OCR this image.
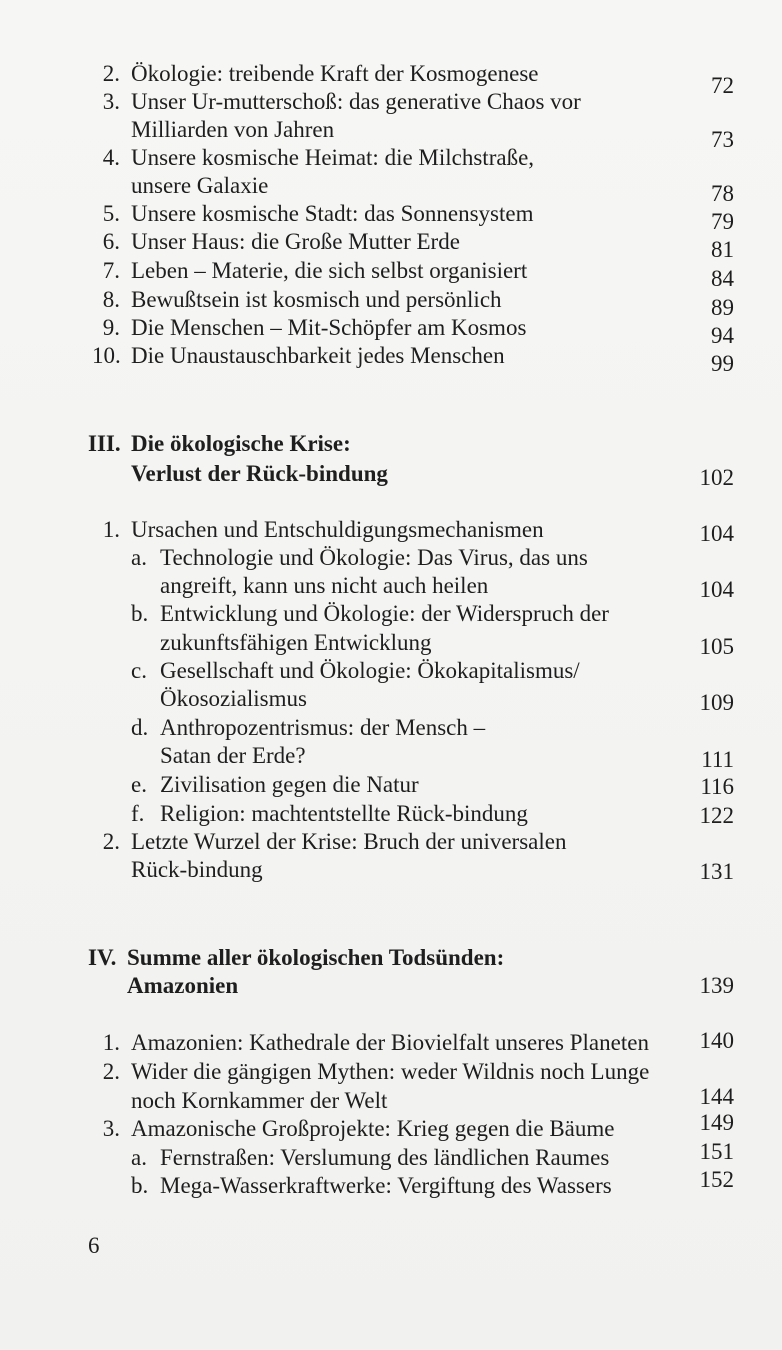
2. Ökologie: treibende Kraft der Kosmogenese	72
3. Unser Ur-mutterschoß: das generative Chaos vor
Milliarden von Jahren	73
4. Unsere kosmische Heimat: die Milchstraße,
unsere Galaxie	78
5. Unsere kosmische Stadt: das Sonnensystem	79
6. Unser Haus: die Große Mutter Erde	81
7. Leben – Materie, die sich selbst organisiert	84
8. Bewußtsein ist kosmisch und persönlich	89
9. Die Menschen – Mit-Schöpfer am Kosmos	94
10. Die Unaustauschbarkeit jedes Menschen	99
III. Die ökologische Krise:
Verlust der Rück-bindung	102
1. Ursachen und Entschuldigungsmechanismen	104
a. Technologie und Ökologie: Das Virus, das uns
angreift, kann uns nicht auch heilen	104
b. Entwicklung und Ökologie: der Widerspruch der
zukunftsfähigen Entwicklung	105
c. Gesellschaft und Ökologie: Ökokapitalismus/
Ökosozialismus	109
d. Anthropozentrismus: der Mensch –
Satan der Erde?	111
e. Zivilisation gegen die Natur	116
f. Religion: machtentstellte Rück-bindung	122
2. Letzte Wurzel der Krise: Bruch der universalen
Rück-bindung	131
IV. Summe aller ökologischen Todsünden:
Amazonien	139
1. Amazonien: Kathedrale der Biovielfalt unseres Planeten	140
2. Wider die gängigen Mythen: weder Wildnis noch Lunge
noch Kornkammer der Welt	144
3. Amazonische Großprojekte: Krieg gegen die Bäume	149
a. Fernstraßen: Verslumung des ländlichen Raumes	151
b. Mega-Wasserkraftwerke: Vergiftung des Wassers	152
6
